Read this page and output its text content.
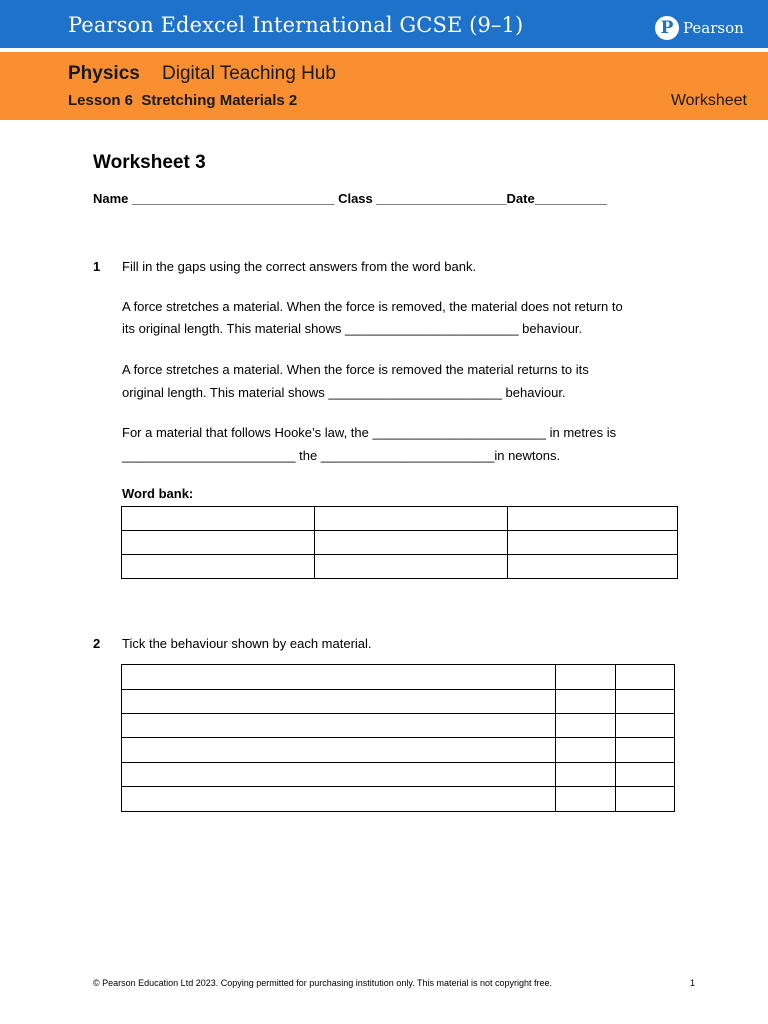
Pearson Edexcel International GCSE (9–1)	P Pearson
Physics Digital Teaching Hub
Lesson 6 Stretching Materials 2	Worksheet
Worksheet 3
Name ____________________________ Class __________________Date__________
1 Fill in the gaps using the correct answers from the word bank.
A force stretches a material. When the force is removed, the material does not return to
its original length. This material shows ________________________ behaviour.
A force stretches a material. When the force is removed the material returns to its
original length. This material shows ________________________ behaviour.
For a material that follows Hooke’s law, the ________________________ in metres is
________________________ the ________________________in newtons.
Word bank:

2 Tick the behaviour shown by each material.

© Pearson Education Ltd 2023. Copying permitted for purchasing institution only. This material is not copyright free.	1
